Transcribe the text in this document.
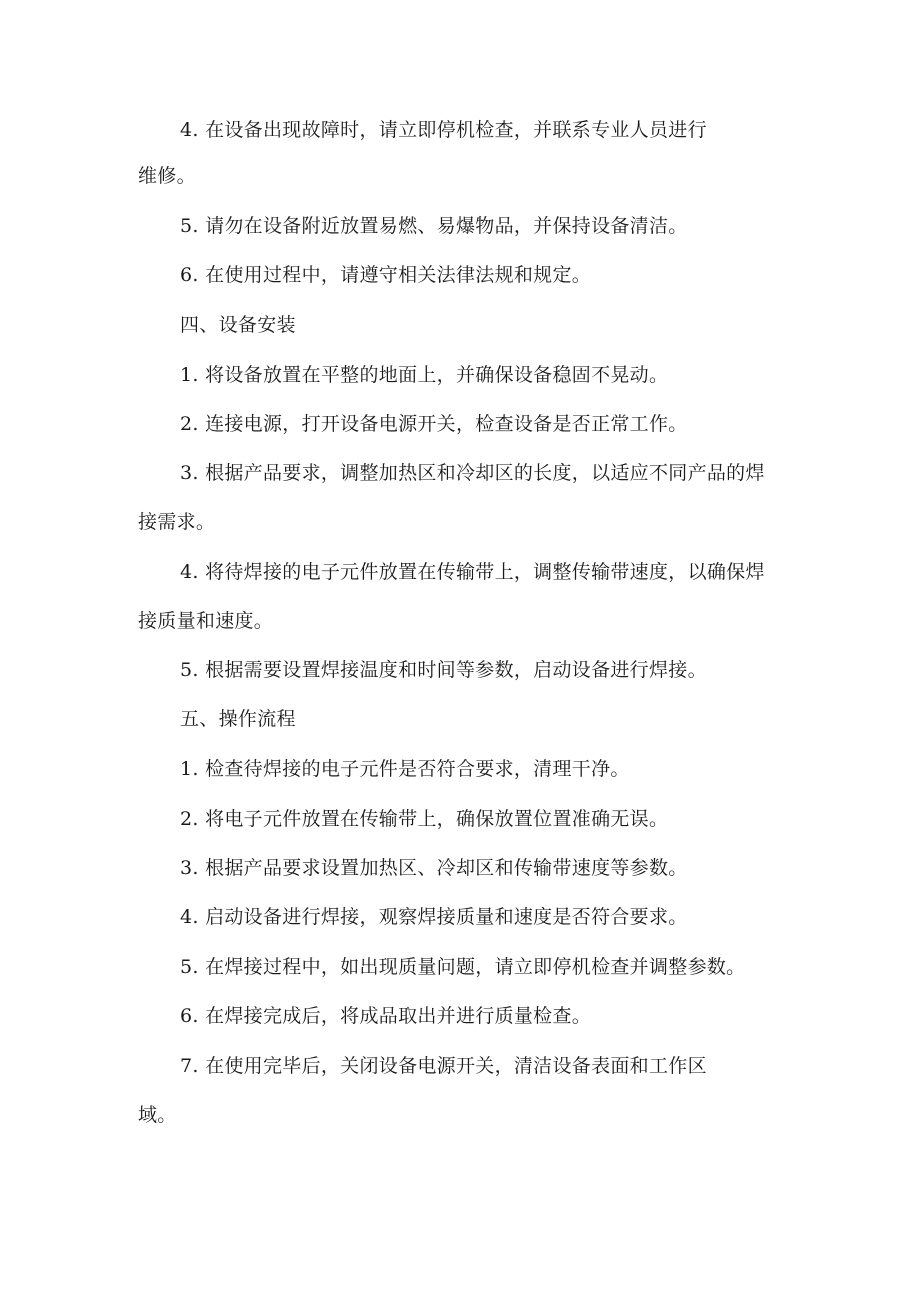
4. 在设备出现故障时，请立即停机检查，并联系专业人员进行
维修。
5. 请勿在设备附近放置易燃、易爆物品，并保持设备清洁。
6. 在使用过程中，请遵守相关法律法规和规定。
四、设备安装
1. 将设备放置在平整的地面上，并确保设备稳固不晃动。
2. 连接电源，打开设备电源开关，检查设备是否正常工作。
3. 根据产品要求，调整加热区和冷却区的长度，以适应不同产品的焊
接需求。
4. 将待焊接的电子元件放置在传输带上，调整传输带速度，以确保焊
接质量和速度。
5. 根据需要设置焊接温度和时间等参数，启动设备进行焊接。
五、操作流程
1. 检查待焊接的电子元件是否符合要求，清理干净。
2. 将电子元件放置在传输带上，确保放置位置准确无误。
3. 根据产品要求设置加热区、冷却区和传输带速度等参数。
4. 启动设备进行焊接，观察焊接质量和速度是否符合要求。
5. 在焊接过程中，如出现质量问题，请立即停机检查并调整参数。
6. 在焊接完成后，将成品取出并进行质量检查。
7. 在使用完毕后，关闭设备电源开关，清洁设备表面和工作区
域。
